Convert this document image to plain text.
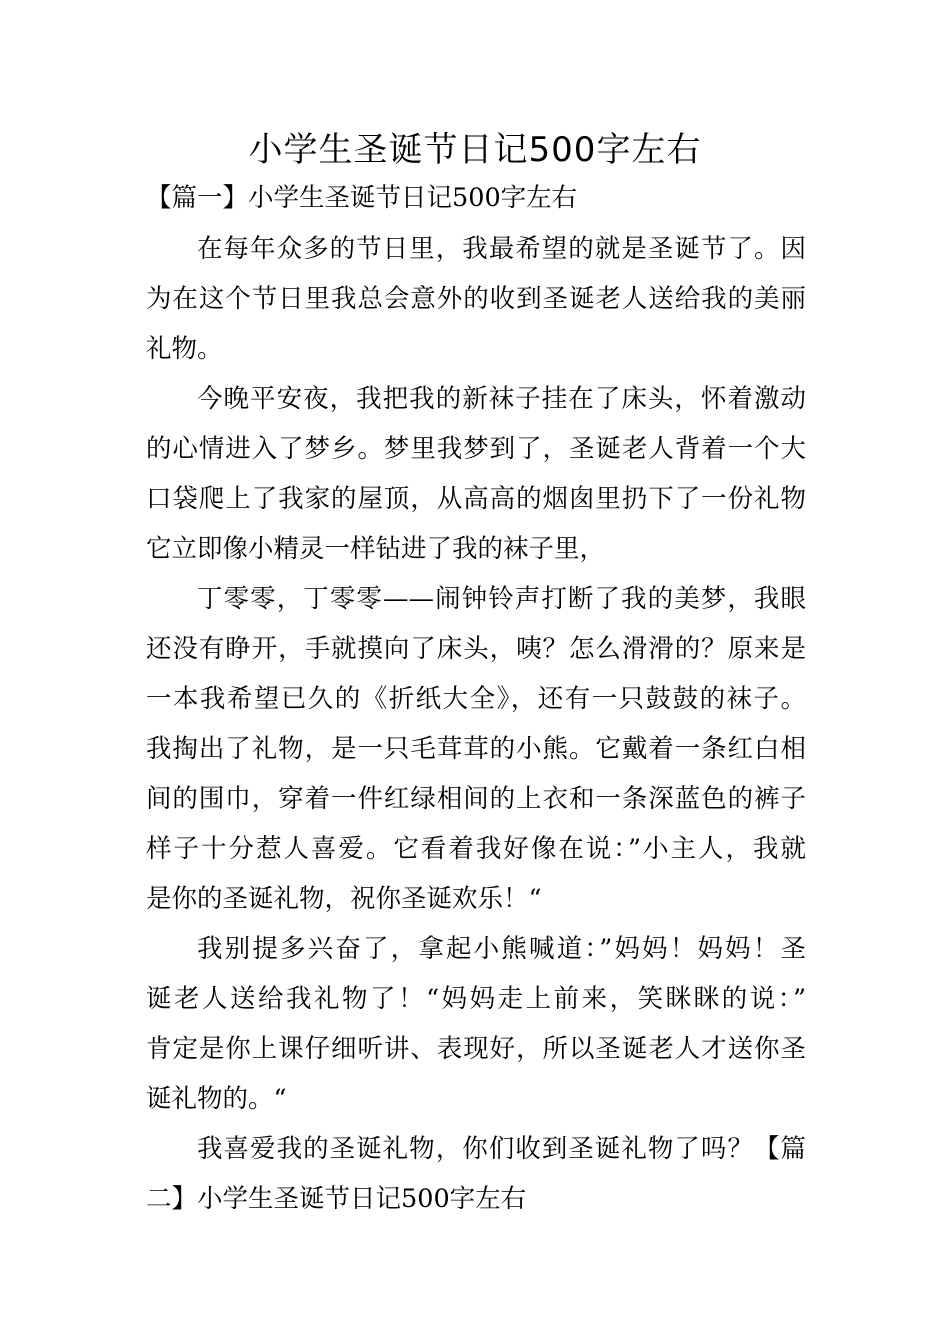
小学生圣诞节日记500字左右
【篇一】小学生圣诞节日记500字左右
在每年众多的节日里，我最希望的就是圣诞节了。因
为在这个节日里我总会意外的收到圣诞老人送给我的美丽
礼物。
今晚平安夜，我把我的新袜子挂在了床头，怀着激动
的心情进入了梦乡。梦里我梦到了，圣诞老人背着一个大
口袋爬上了我家的屋顶，从高高的烟囱里扔下了一份礼物
它立即像小精灵一样钻进了我的袜子里，
丁零零，丁零零——闹钟铃声打断了我的美梦，我眼
还没有睁开，手就摸向了床头，咦？怎么滑滑的？原来是
一本我希望已久的《折纸大全》，还有一只鼓鼓的袜子。
我掏出了礼物，是一只毛茸茸的小熊。它戴着一条红白相
间的围巾，穿着一件红绿相间的上衣和一条深蓝色的裤子
样子十分惹人喜爱。它看着我好像在说：”小主人，我就
是你的圣诞礼物，祝你圣诞欢乐！“
我别提多兴奋了，拿起小熊喊道：”妈妈！妈妈！圣
诞老人送给我礼物了！“妈妈走上前来，笑眯眯的说：”
肯定是你上课仔细听讲、表现好，所以圣诞老人才送你圣
诞礼物的。“
我喜爱我的圣诞礼物，你们收到圣诞礼物了吗？【篇
二】小学生圣诞节日记500字左右
